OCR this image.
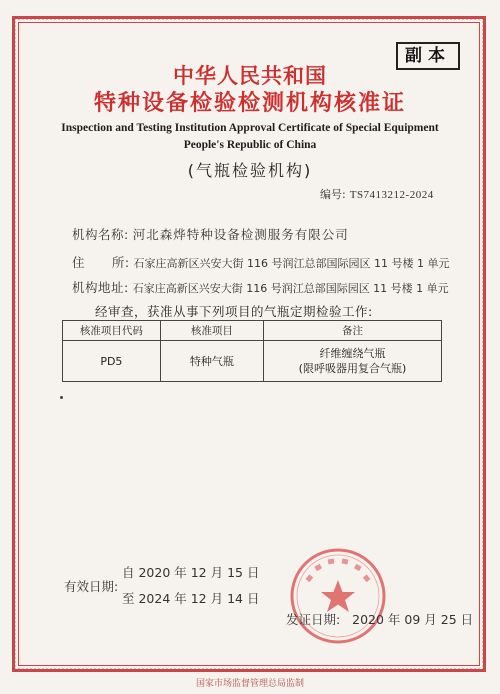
副本
中华人民共和国
特种设备检验检测机构核准证
Inspection and Testing Institution Approval Certificate of Special Equipment
People's Republic of China
(气瓶检验机构)
编号: TS7413212-2024
机构名称: 河北森烨特种设备检测服务有限公司
住      所: 石家庄高新区兴安大街 116 号润江总部国际园区 11 号楼 1 单元
机构地址: 石家庄高新区兴安大街 116 号润江总部国际园区 11 号楼 1 单元
经审查，获准从事下列项目的气瓶定期检验工作:
核准项目代码	核准项目	备注
PD5	特种气瓶	纤维缠绕气瓶
(限呼吸器用复合气瓶)
有效日期:
自 2020 年 12 月 15 日
至 2024 年 12 月 14 日
发证日期:   2020 年 09 月 25 日
国家市场监督管理总局监制
